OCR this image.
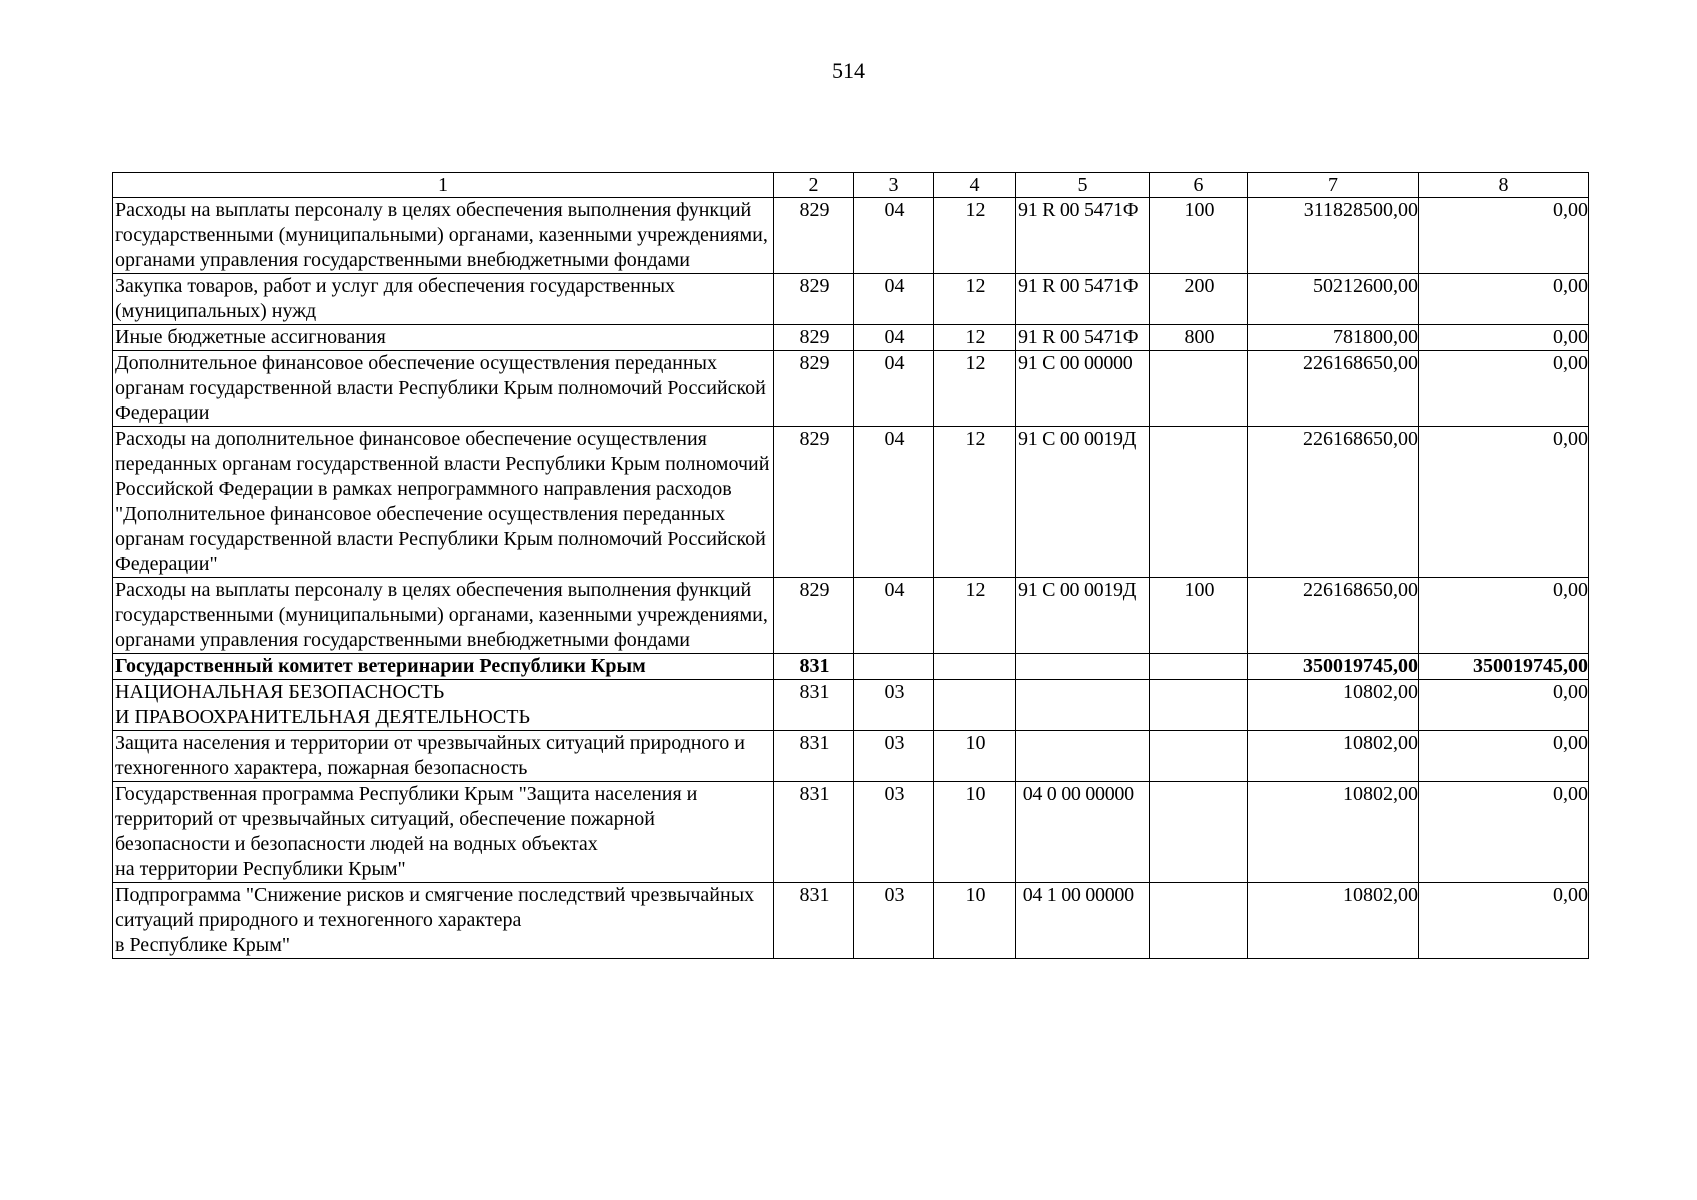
514
1	2	3	4	5	6	7	8
Расходы на выплаты персоналу в целях обеспечения выполнения функций государственными (муниципальными) органами, казенными учреждениями, органами управления государственными внебюджетными фондами	829	04	12	91 R 00 5471Ф	100	311828500,00	0,00
Закупка товаров, работ и услуг для обеспечения государственных (муниципальных) нужд	829	04	12	91 R 00 5471Ф	200	50212600,00	0,00
Иные бюджетные ассигнования	829	04	12	91 R 00 5471Ф	800	781800,00	0,00
Дополнительное финансовое обеспечение осуществления переданных органам государственной власти Республики Крым полномочий Российской Федерации	829	04	12	91 С 00 00000		226168650,00	0,00
Расходы на дополнительное финансовое обеспечение осуществления переданных органам государственной власти Республики Крым полномочий Российской Федерации в рамках непрограммного направления расходов "Дополнительное финансовое обеспечение осуществления переданных органам государственной власти Республики Крым полномочий Российской Федерации"	829	04	12	91 С 00 0019Д		226168650,00	0,00
Расходы на выплаты персоналу в целях обеспечения выполнения функций государственными (муниципальными) органами, казенными учреждениями, органами управления государственными внебюджетными фондами	829	04	12	91 С 00 0019Д	100	226168650,00	0,00
Государственный комитет ветеринарии Республики Крым	831					350019745,00	350019745,00
НАЦИОНАЛЬНАЯ БЕЗОПАСНОСТЬ
И ПРАВООХРАНИТЕЛЬНАЯ ДЕЯТЕЛЬНОСТЬ	831	03				10802,00	0,00
Защита населения и территории от чрезвычайных ситуаций природного и техногенного характера, пожарная безопасность	831	03	10			10802,00	0,00
Государственная программа Республики Крым "Защита населения и территорий от чрезвычайных ситуаций, обеспечение пожарной безопасности и безопасности людей на водных объектах
на территории Республики Крым"	831	03	10	04 0 00 00000		10802,00	0,00
Подпрограмма "Снижение рисков и смягчение последствий чрезвычайных ситуаций природного и техногенного характера
в Республике Крым"	831	03	10	04 1 00 00000		10802,00	0,00
